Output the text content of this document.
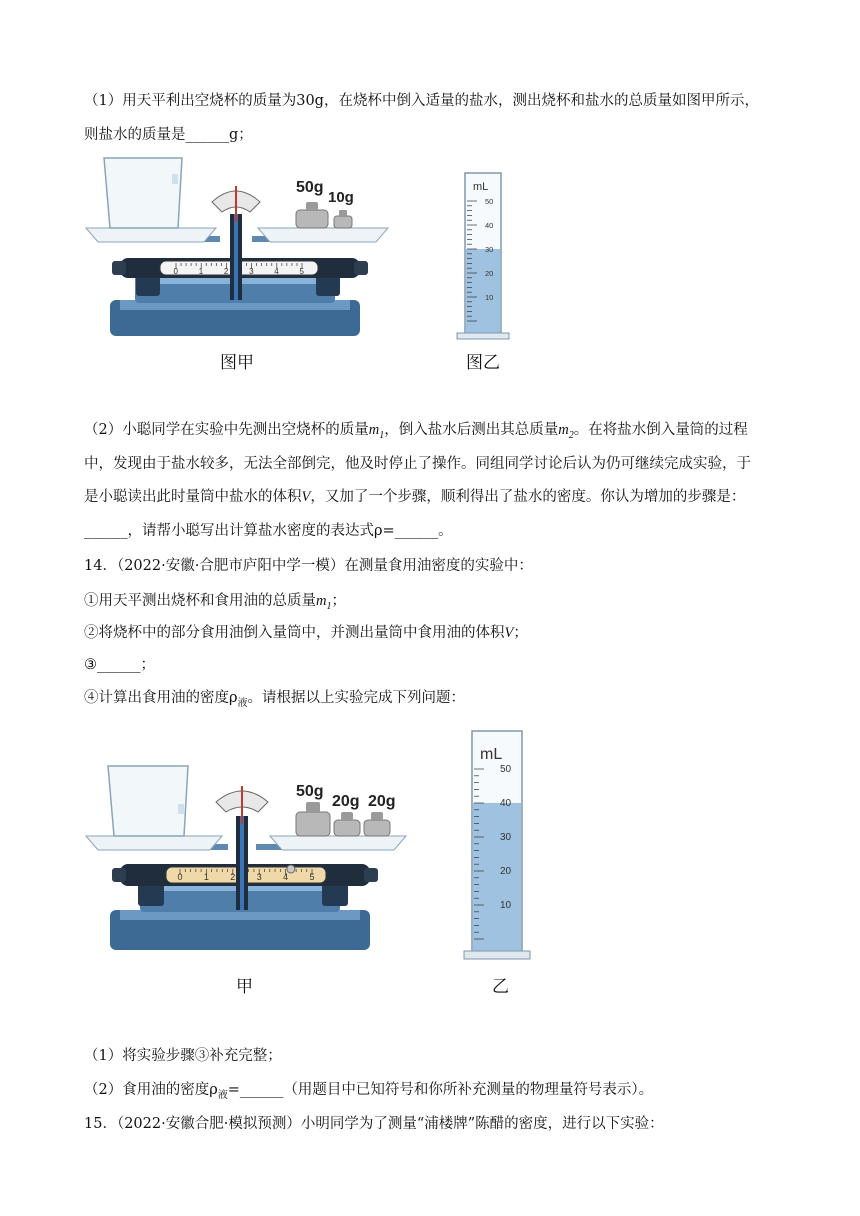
（1）用天平利出空烧杯的质量为30g，在烧杯中倒入适量的盐水，测出烧杯和盐水的总质量如图甲所示，
则盐水的质量是______g；
0	1	2	3	4	5
50g
10g
mL
50
40
30
20
10
图甲	图乙
（2）小聪同学在实验中先测出空烧杯的质量$m_1$，倒入盐水后测出其总质量$m_2$。在将盐水倒入量筒的过程
中，发现由于盐水较多，无法全部倒完，他及时停止了操作。同组同学讨论后认为仍可继续完成实验，于
是小聪读出此时量筒中盐水的体积V，又加了一个步骤，顺利得出了盐水的密度。你认为增加的步骤是：
______，请帮小聪写出计算盐水密度的表达式ρ=______。
14．（2022·安徽·合肥市庐阳中学一模）在测量食用油密度的实验中：
①用天平测出烧杯和食用油的总质量$m_1$；
②将烧杯中的部分食用油倒入量筒中，并测出量筒中食用油的体积V；
③______；
④计算出食用油的密度$\rho_液$。请根据以上实验完成下列问题：
0 1 2 3 4 5
50g
20g 20g
mL
50
40
30
20
10
甲	乙
（1）将实验步骤③补充完整；
（2）食用油的密度$\rho_液=\_\_\_\_\_\_$（用题目中已知符号和你所补充测量的物理量符号表示）。
15．（2022·安徽合肥·模拟预测）小明同学为了测量“浦楼牌”陈醋的密度，进行以下实验：
